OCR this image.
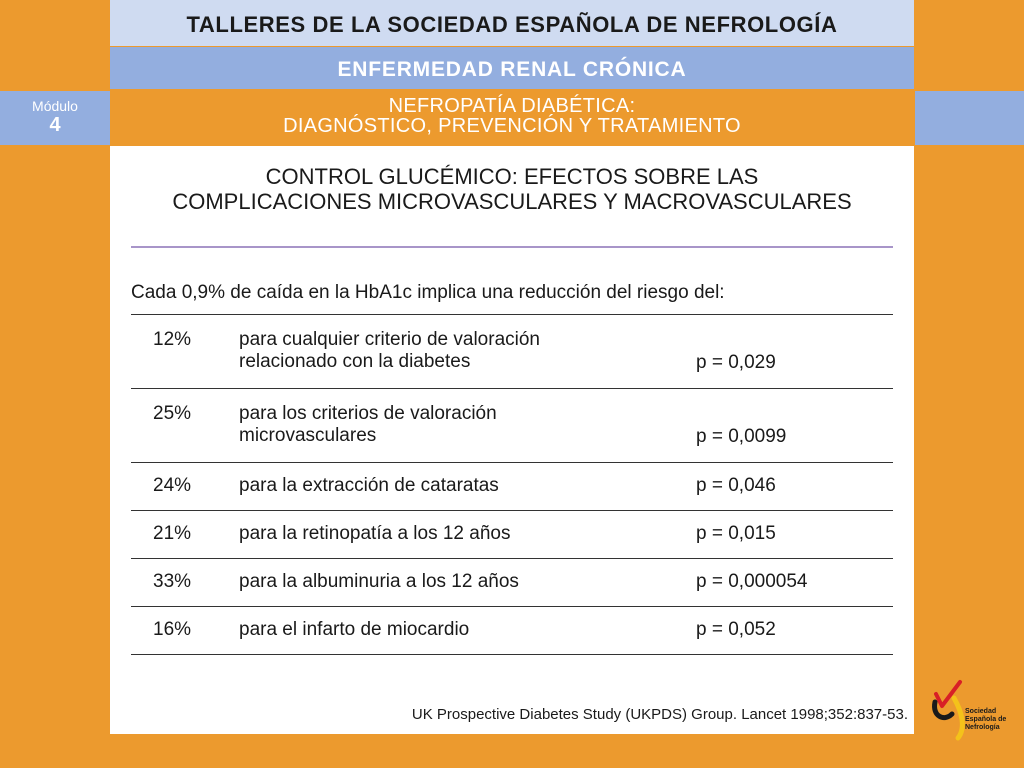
TALLERES DE LA SOCIEDAD ESPAÑOLA DE NEFROLOGÍA
ENFERMEDAD RENAL CRÓNICA
Módulo
4
NEFROPATÍA DIABÉTICA:
DIAGNÓSTICO, PREVENCIÓN Y TRATAMIENTO
CONTROL GLUCÉMICO: EFECTOS SOBRE LAS
COMPLICACIONES MICROVASCULARES Y MACROVASCULARES
Cada 0,9% de caída en la HbA1c implica una reducción del riesgo del:
12%	para cualquier criterio de valoración
relacionado con la diabetes	p = 0,029
25%	para los criterios de valoración
microvasculares	p = 0,0099
24%	para la extracción de cataratas	p = 0,046
21%	para la retinopatía a los 12 años	p = 0,015
33%	para la albuminuria a los 12 años	p = 0,000054
16%	para el infarto de miocardio	p = 0,052
UK Prospective Diabetes Study (UKPDS) Group. Lancet 1998;352:837-53.	Sociedad
Española de
Nefrología
